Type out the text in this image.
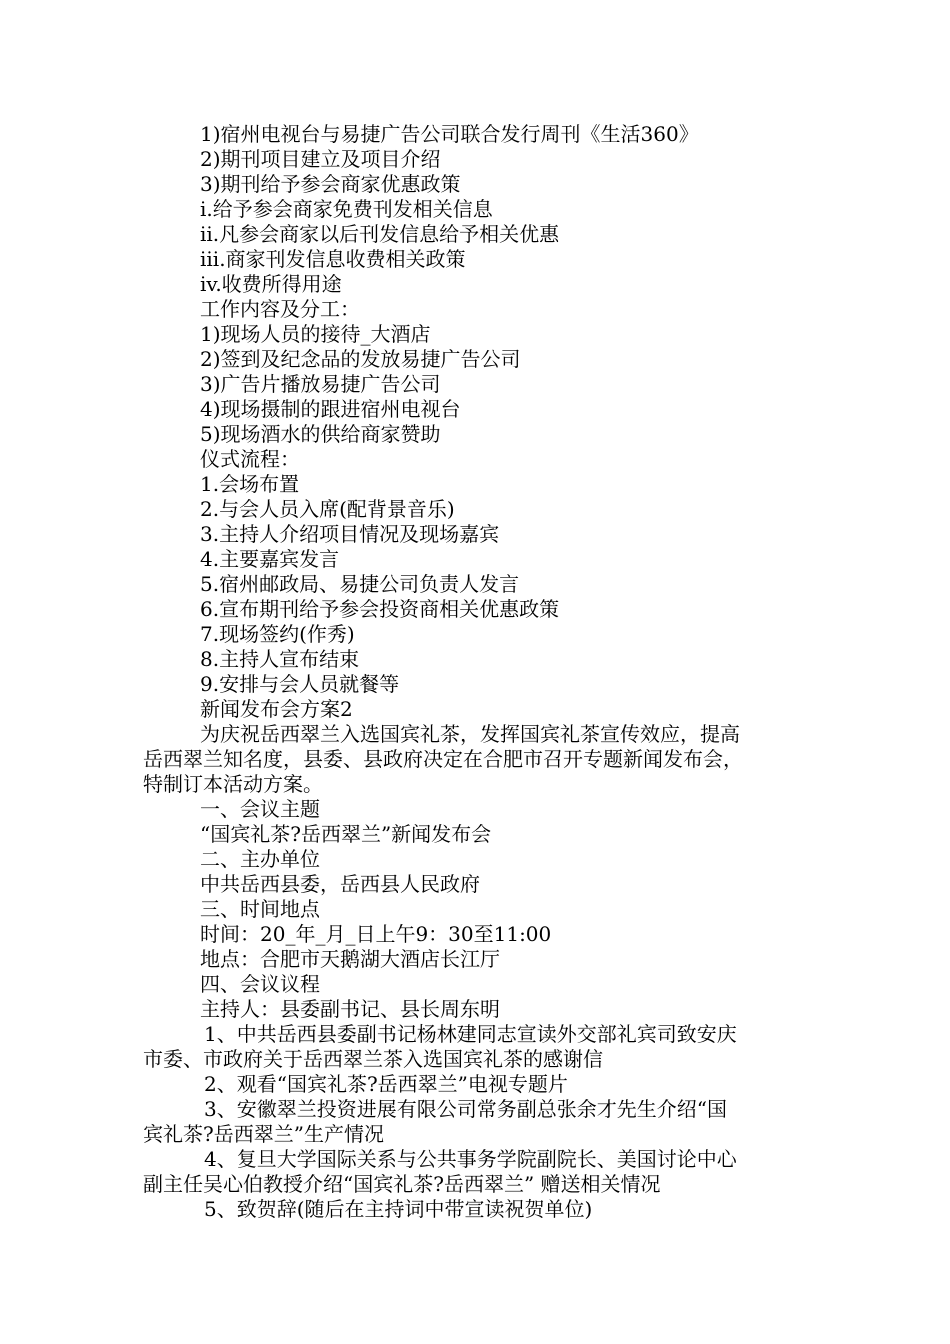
1)宿州电视台与易捷广告公司联合发行周刊《生活360》
2)期刊项目建立及项目介绍
3)期刊给予参会商家优惠政策
i.给予参会商家免费刊发相关信息
ii.凡参会商家以后刊发信息给予相关优惠
iii.商家刊发信息收费相关政策
iv.收费所得用途
工作内容及分工：
1)现场人员的接待_大酒店
2)签到及纪念品的发放易捷广告公司
3)广告片播放易捷广告公司
4)现场摄制的跟进宿州电视台
5)现场酒水的供给商家赞助
仪式流程：
1.会场布置
2.与会人员入席(配背景音乐)
3.主持人介绍项目情况及现场嘉宾
4.主要嘉宾发言
5.宿州邮政局、易捷公司负责人发言
6.宣布期刊给予参会投资商相关优惠政策
7.现场签约(作秀)
8.主持人宣布结束
9.安排与会人员就餐等
新闻发布会方案2
为庆祝岳西翠兰入选国宾礼茶，发挥国宾礼茶宣传效应，提高
岳西翠兰知名度，县委、县政府决定在合肥市召开专题新闻发布会，
特制订本活动方案。
一、会议主题
“国宾礼茶?岳西翠兰”新闻发布会
二、主办单位
中共岳西县委，岳西县人民政府
三、时间地点
时间：20_年_月_日上午9：30至11:00
地点：合肥市天鹅湖大酒店长江厅
四、会议议程
主持人：县委副书记、县长周东明
1、中共岳西县委副书记杨林建同志宣读外交部礼宾司致安庆
市委、市政府关于岳西翠兰茶入选国宾礼茶的感谢信
2、观看“国宾礼茶?岳西翠兰”电视专题片
3、安徽翠兰投资进展有限公司常务副总张余才先生介绍“国
宾礼茶?岳西翠兰”生产情况
4、复旦大学国际关系与公共事务学院副院长、美国讨论中心
副主任吴心伯教授介绍“国宾礼茶?岳西翠兰” 赠送相关情况
5、致贺辞(随后在主持词中带宣读祝贺单位)
